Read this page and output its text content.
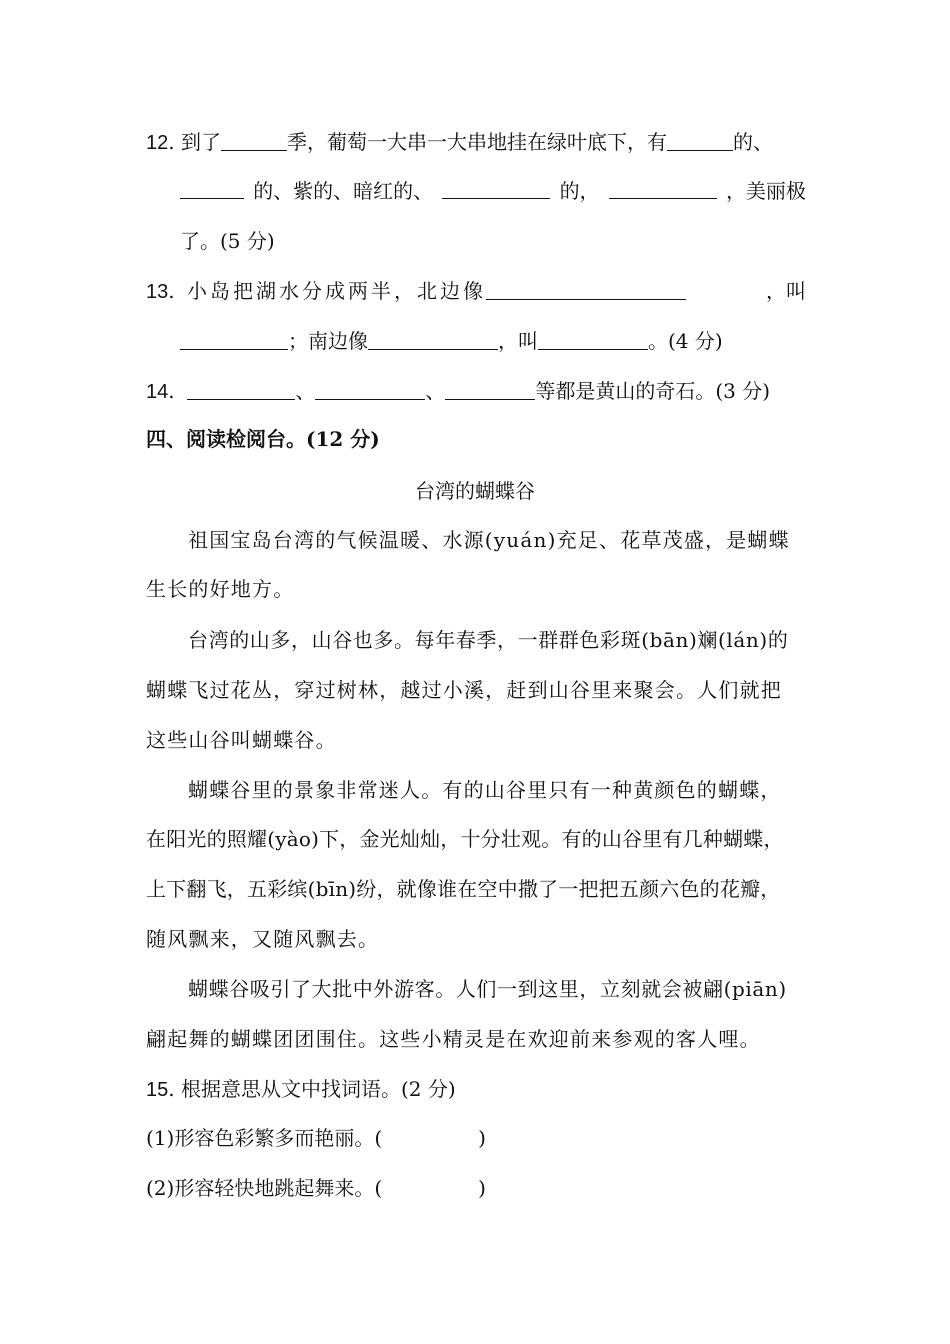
12. 到了	季，葡萄一大串一大串地挂在绿叶底下，有	的、
的、紫的、暗红的、	的，	，美丽极
了。(5 分)
13. 小岛把湖水分成两半，北边像	，叫
；南边像	，叫	。(4 分)
14.	、	、	等都是黄山的奇石。(3 分)
四、阅读检阅台。(12 分)
台湾的蝴蝶谷
祖国宝岛台湾的气候温暖、水源(yuán)充足、花草茂盛，是蝴蝶
生长的好地方。
台湾的山多，山谷也多。每年春季，一群群色彩斑(bān)斓(lán)的
蝴蝶飞过花丛，穿过树林，越过小溪，赶到山谷里来聚会。人们就把
这些山谷叫蝴蝶谷。
蝴蝶谷里的景象非常迷人。有的山谷里只有一种黄颜色的蝴蝶，
在阳光的照耀(yào)下，金光灿灿，十分壮观。有的山谷里有几种蝴蝶，
上下翻飞，五彩缤(bīn)纷，就像谁在空中撒了一把把五颜六色的花瓣，
随风飘来，又随风飘去。
蝴蝶谷吸引了大批中外游客。人们一到这里，立刻就会被翩(piān)
翩起舞的蝴蝶团团围住。这些小精灵是在欢迎前来参观的客人哩。
15. 根据意思从文中找词语。(2 分)
(1)形容色彩繁多而艳丽。(	)
(2)形容轻快地跳起舞来。(	)
